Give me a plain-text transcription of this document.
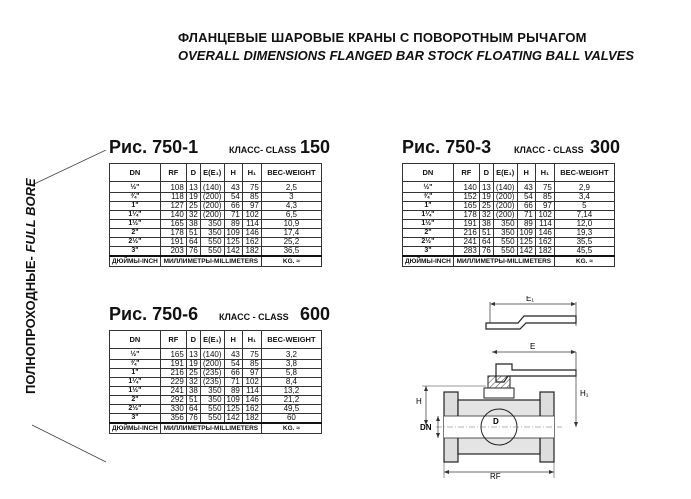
ФЛАНЦЕВЫЕ ШАРОВЫЕ КРАНЫ С ПОВОРОТНЫМ РЫЧАГОМ
OVERALL DIMENSIONS FLANGED BAR STOCK FLOATING BALL VALVES
ПОЛНОПРОХОДНЫЕ- FULL BORE
Рис. 750-1	КЛАСС- CLASS 150
DN	RF	D	E(E₁)	H	H₁	ВЕС-WEIGHT
½"	108	13	(140)	43	75	2,5
¾"	118	19	(200)	54	85	3
1"	127	25	(200)	66	97	4,3
1¼"	140	32	(200)	71	102	6,5
1½"	165	38	350	89	114	10,9
2"	178	51	350	109	146	17,4
2½"	191	64	550	125	162	25,2
3"	203	76	550	142	182	36,5
ДЮЙМЫ-INCH	МИЛЛИМЕТРЫ-MILLIMETERS					KG. ≈
Рис. 750-3	КЛАСС - CLASS 300
DN	RF	D	E(E₁)	H	H₁	ВЕС-WEIGHT
½"	140	13	(140)	43	75	2,9
¾"	152	19	(200)	54	85	3,4
1"	165	25	(200)	66	97	5
1¼"	178	32	(200)	71	102	7,14
1½"	191	38	350	89	114	12,0
2"	216	51	350	109	146	19,3
2½"	241	64	550	125	162	35,5
3"	283	76	550	142	182	45,5
ДЮЙМЫ-INCH	МИЛЛИМЕТРЫ-MILLIMETERS					KG. ≈
Рис. 750-6 КЛАСС - CLASS 600
DN	RF	D	E(E₁)	H	H₁	ВЕС-WEIGHT
½"	165	13	(140)	43	75	3,2
¾"	191	19	(200)	54	85	3,8
1"	216	25	(235)	66	97	5,8
1¼"	229	32	(235)	71	102	8,4
1½"	241	38	350	89	114	13,2
2"	292	51	350	109	146	21,2
2½"	330	64	550	125	162	49,5
3"	356	76	550	142	182	60
ДЮЙМЫ-INCH	МИЛЛИМЕТРЫ-MILLIMETERS					KG. ≈
E₁
E
D
H
H₁
DN
RF
